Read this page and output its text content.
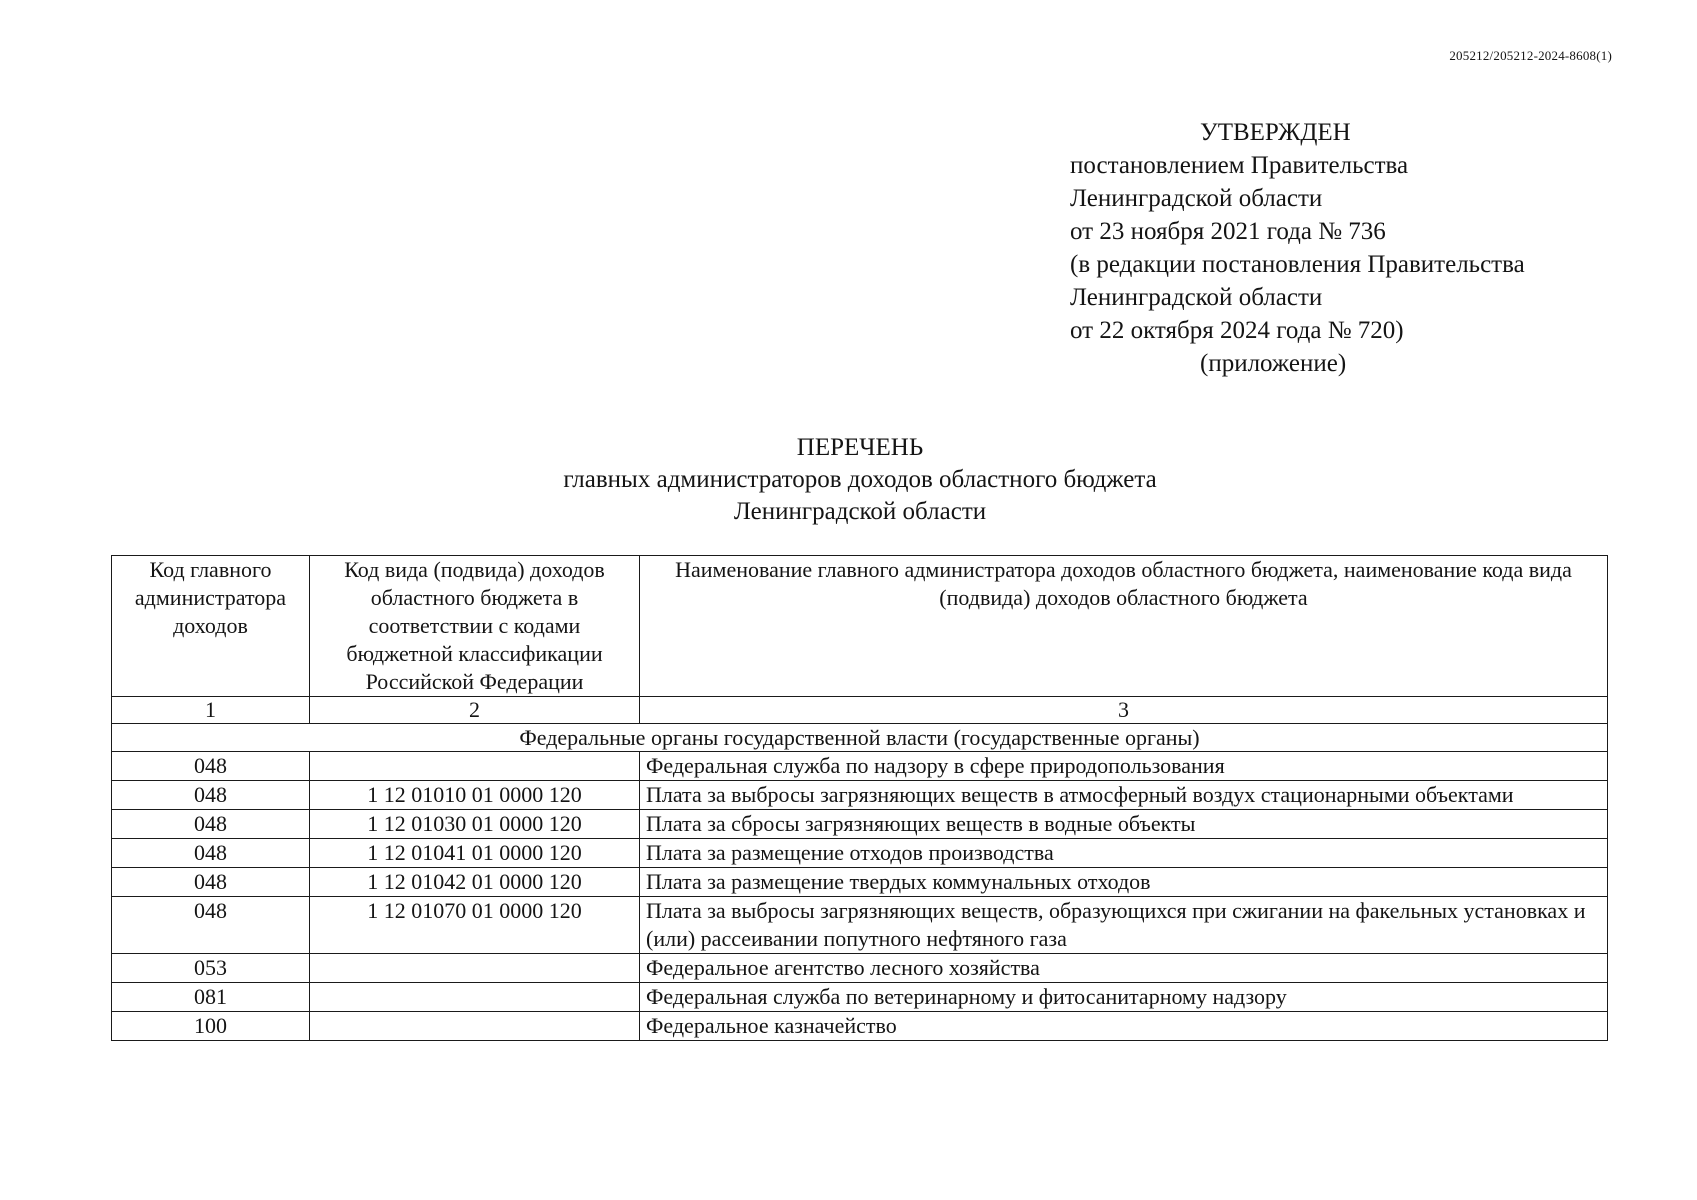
205212/205212-2024-8608(1)
УТВЕРЖДЕН
постановлением Правительства
Ленинградской области
от 23 ноября 2021 года № 736
(в редакции постановления Правительства
Ленинградской области
от 22 октября 2024 года № 720)
(приложение)
ПЕРЕЧЕНЬ
главных администраторов доходов областного бюджета
Ленинградской области
Код главного администратора доходов	Код вида (подвида) доходов областного бюджета в соответствии с кодами бюджетной классификации Российской Федерации	Наименование главного администратора доходов областного бюджета, наименование кода вида (подвида) доходов областного бюджета
1	2	3
Федеральные органы государственной власти (государственные органы)		
048		Федеральная служба по надзору в сфере природопользования
048	1 12 01010 01 0000 120	Плата за выбросы загрязняющих веществ в атмосферный воздух стационарными объектами
048	1 12 01030 01 0000 120	Плата за сбросы загрязняющих веществ в водные объекты
048	1 12 01041 01 0000 120	Плата за размещение отходов производства
048	1 12 01042 01 0000 120	Плата за размещение твердых коммунальных отходов
048	1 12 01070 01 0000 120	Плата за выбросы загрязняющих веществ, образующихся при сжигании на факельных установках и (или) рассеивании попутного нефтяного газа
053		Федеральное агентство лесного хозяйства
081		Федеральная служба по ветеринарному и фитосанитарному надзору
100		Федеральное казначейство
